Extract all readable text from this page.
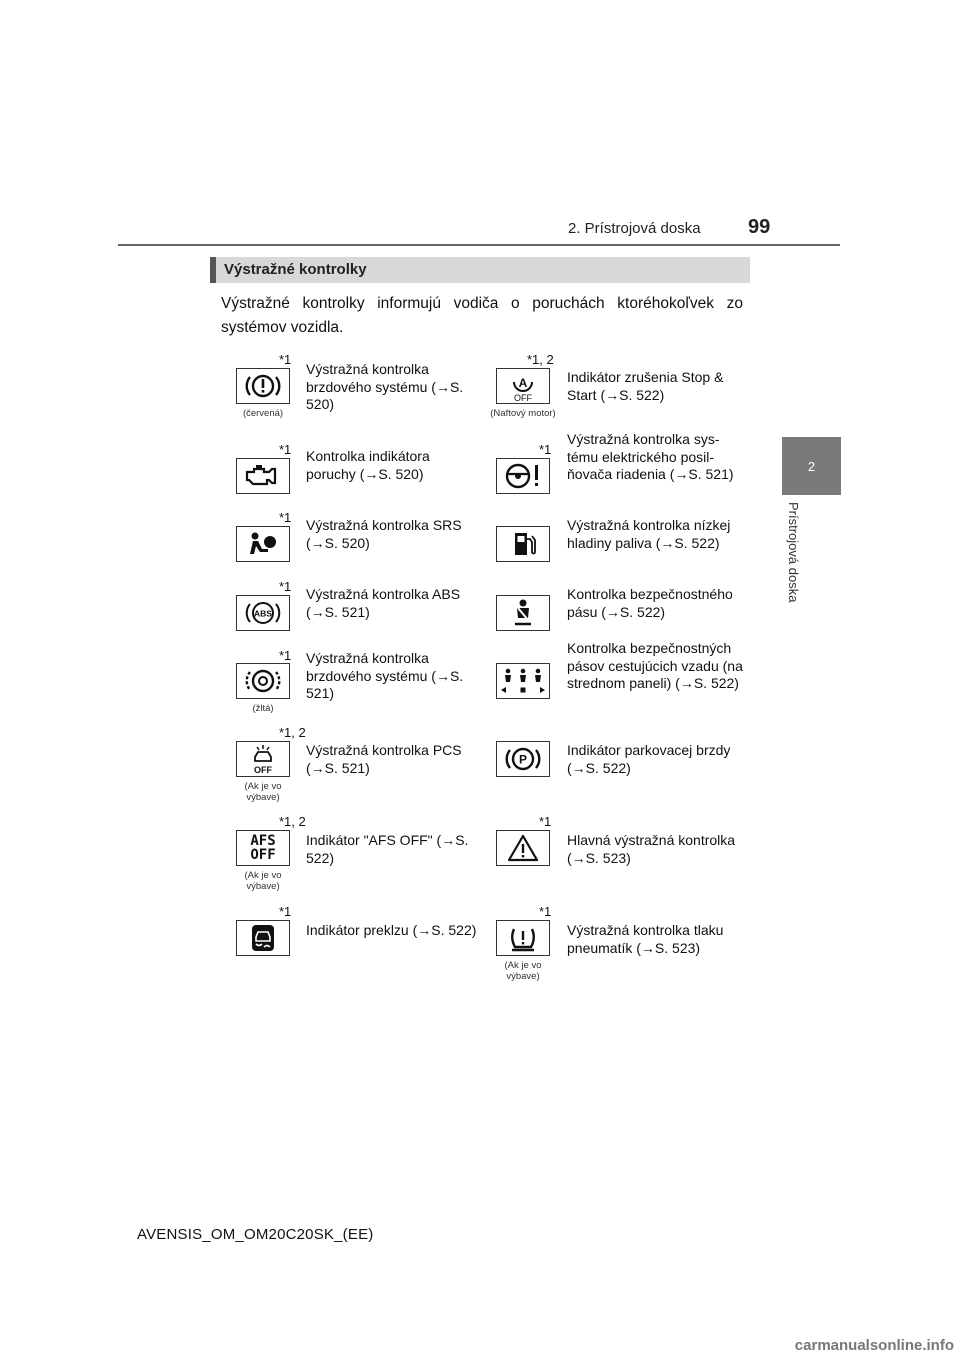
2. Prístrojová doska 99
2
Prístrojová doska
Výstražné kontrolky
Výstražné kontrolky informujú vodiča o poruchách ktoréhokoľvek zo systémov vozidla.
*1
(červená)
Výstražná kontrolka brzdového systému (→S. 520)
*1 Kontrolka indikátora poruchy (→S. 520)
*1 Výstražná kontrolka SRS (→S. 520)
*1
ABS
Výstražná kontrolka ABS (→S. 521)
*1
(žltá)
Výstražná kontrolka brzdového systému (→S. 521)
*1, 2
OFF
(Ak je vo výbave)
Výstražná kontrolka PCS (→S. 521)
*1, 2
AFS OFF
(Ak je vo výbave)
Indikátor "AFS OFF" (→S. 522)
*1
Indikátor preklzu (→S. 522)
*1, 2
A
OFF
(Naftový motor)
Indikátor zrušenia Stop & Start (→S. 522)
*1
Výstražná kontrolka sys-tému elektrického posil-ňovača riadenia (→S. 521)
Výstražná kontrolka nízkej hladiny paliva (→S. 522)
Kontrolka bezpečnostného pásu (→S. 522)
Kontrolka bezpečnostných pásov cestujúcich vzadu (na strednom paneli) (→S. 522)
P
Indikátor parkovacej brzdy (→S. 522)
*1
Hlavná výstražná kontrolka (→S. 523)
*1
(Ak je vo výbave)
Výstražná kontrolka tlaku pneumatík (→S. 523)
AVENSIS_OM_OM20C20SK_(EE)
carmanualsonline.info
